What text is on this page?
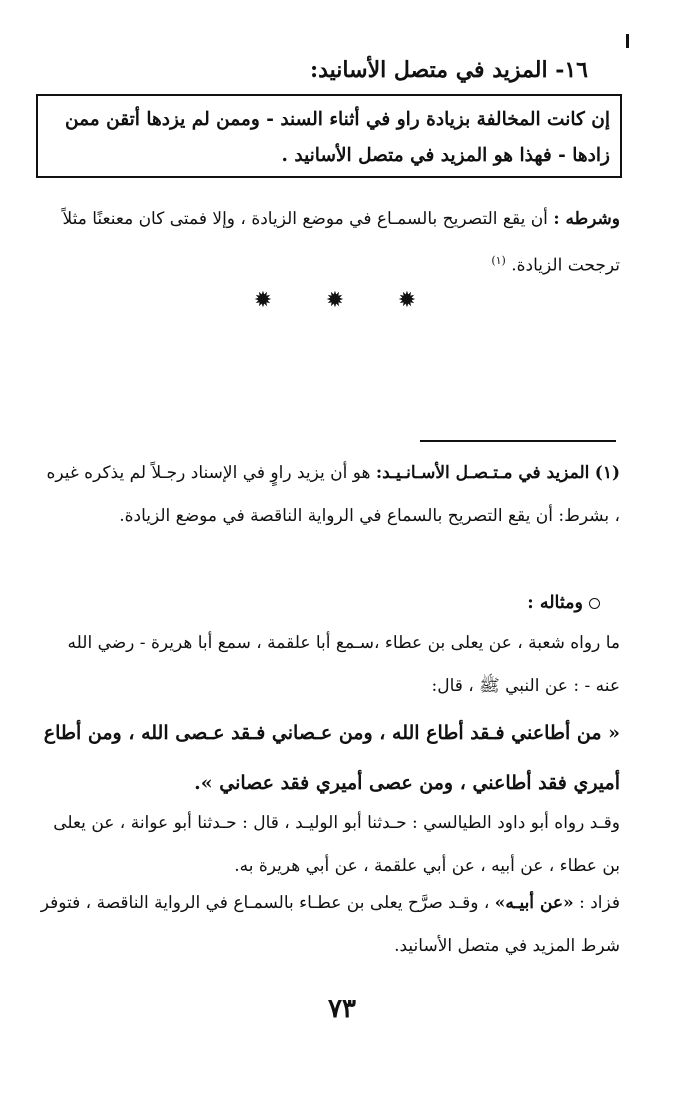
١٦- المزيد في متصل الأسانيد:
إن كانت المخالفة بزيادة راو في أثناء السند - وممن لم يزدها أتقن ممن زادها - فهذا هو المزيد في متصل الأسانيد .
وشرطه : أن يقع التصريح بالسمـاع في موضع الزيادة ، وإلا فمتى كان معنعنًا مثلاً ترجحت الزيادة. $^{(١)}$
✹ ✹ ✹
(١) المزيد في مـتـصـل الأسـانـيـد: هو أن يزيد راوٍ في الإسناد رجـلاً لم يذكره غيره ، بشرط: أن يقع التصريح بالسماع في الرواية الناقصة في موضع الزيادة.
ومثاله :
ما رواه شعبة ، عن يعلى بن عطاء ،سـمع أبا علقمة ، سمع أبا هريرة - رضي الله عنه - : عن النبي ﷺ ، قال:
« من أطاعني فـقد أطاع الله ، ومن عـصاني فـقد عـصى الله ، ومن أطاع أميري فقد أطاعني ، ومن عصى أميري فقد عصاني ».
وقـد رواه أبو داود الطيالسي : حـدثنا أبو الوليـد ، قال : حـدثنا أبو عوانة ، عن يعلى بن عطاء ، عن أبيه ، عن أبي علقمة ، عن أبي هريرة به.
فزاد : «عن أبيـه» ، وقـد صرَّح يعلى بن عطـاء بالسمـاع في الرواية الناقصة ، فتوفر شرط المزيد في متصل الأسانيد.
٧٣
